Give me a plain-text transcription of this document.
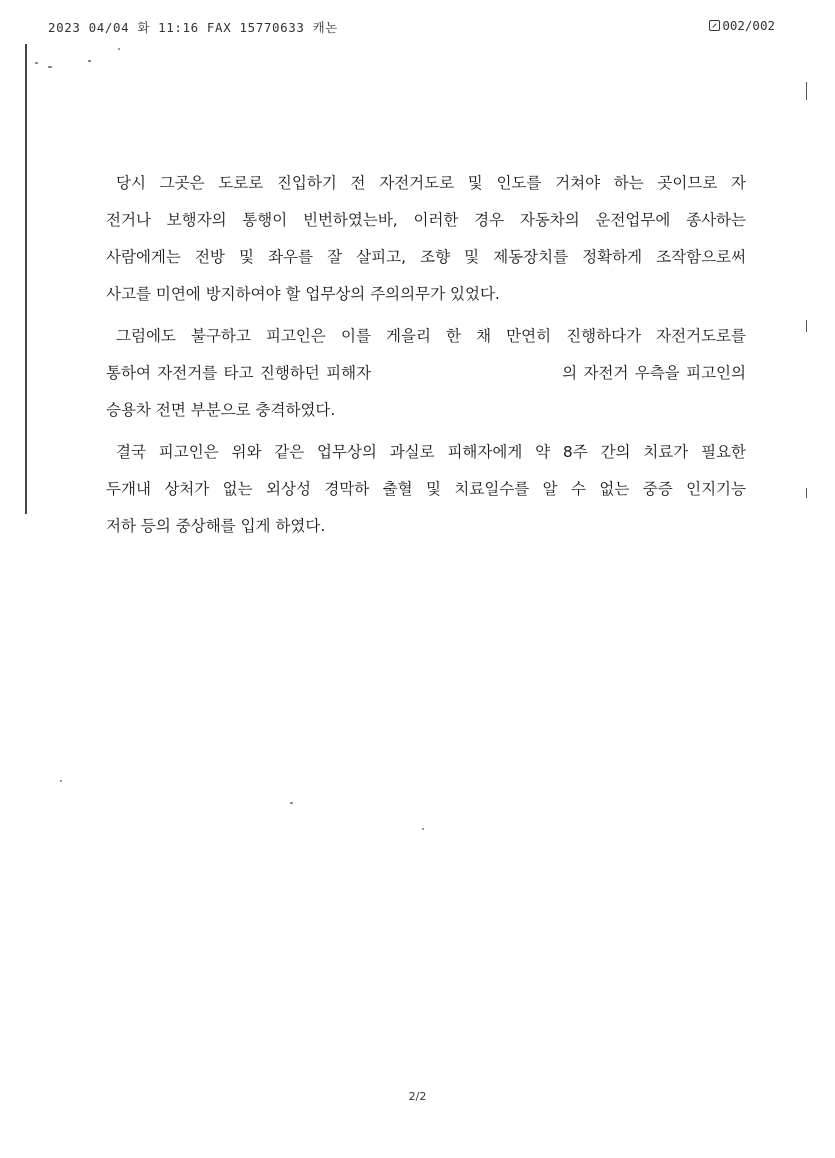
2023 04/04 화 11:16 FAX 15770633 캐논	002/002
당시 그곳은 도로로 진입하기 전 자전거도로 및 인도를 거쳐야 하는 곳이므로 자
전거나 보행자의 통행이 빈번하였는바, 이러한 경우 자동차의 운전업무에 종사하는
사람에게는 전방 및 좌우를 잘 살피고, 조향 및 제동장치를 정확하게 조작함으로써
사고를 미연에 방지하여야 할 업무상의 주의의무가 있었다.
그럼에도 불구하고 피고인은 이를 게을리 한 채 만연히 진행하다가 자전거도로를
통하여 자전거를 타고 진행하던 피해자                              의 자전거 우측을 피고인의
승용차 전면 부분으로 충격하였다.
결국 피고인은 위와 같은 업무상의 과실로 피해자에게 약 8주 간의 치료가 필요한
두개내 상처가 없는 외상성 경막하 출혈 및 치료일수를 알 수 없는 중증 인지기능
저하 등의 중상해를 입게 하였다.
2/2
